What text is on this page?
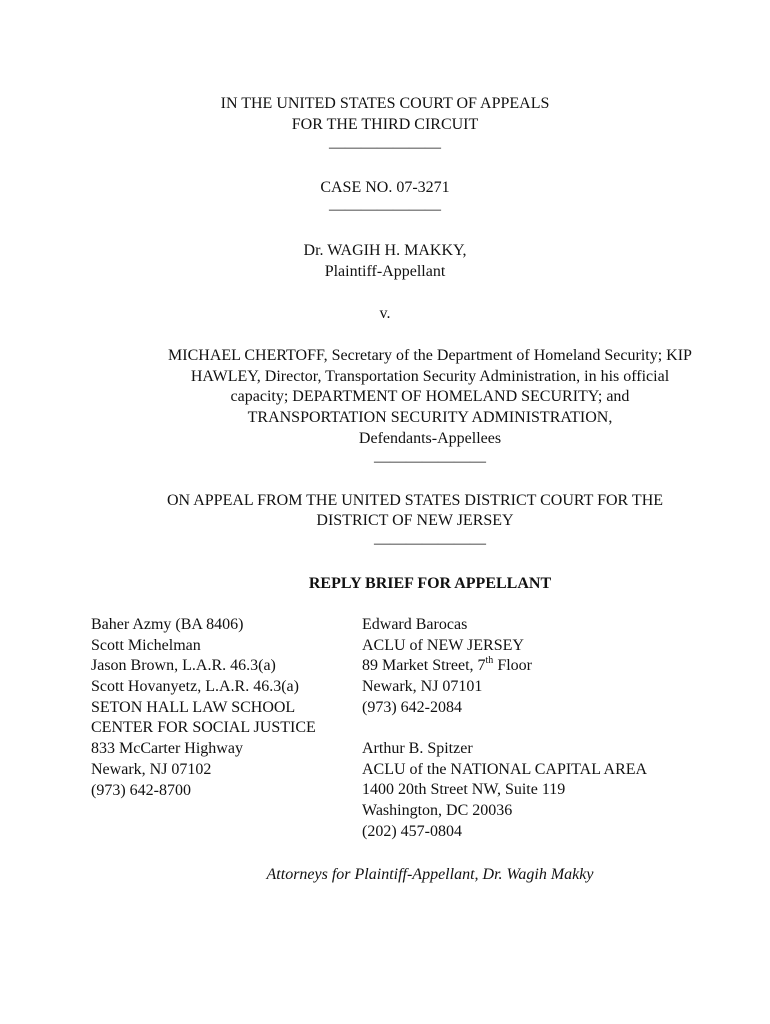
IN THE UNITED STATES COURT OF APPEALS
FOR THE THIRD CIRCUIT
———————
CASE NO. 07-3271
———————
Dr. WAGIH H. MAKKY,
Plaintiff-Appellant
v.
MICHAEL CHERTOFF, Secretary of the Department of Homeland Security; KIP
HAWLEY, Director, Transportation Security Administration, in his official
capacity; DEPARTMENT OF HOMELAND SECURITY; and
TRANSPORTATION SECURITY ADMINISTRATION,
Defendants-Appellees
———————
ON APPEAL FROM THE UNITED STATES DISTRICT COURT FOR THE
DISTRICT OF NEW JERSEY
———————
REPLY BRIEF FOR APPELLANT
Baher Azmy (BA 8406)
Scott Michelman
Jason Brown, L.A.R. 46.3(a)
Scott Hovanyetz, L.A.R. 46.3(a)
SETON HALL LAW SCHOOL
CENTER FOR SOCIAL JUSTICE
833 McCarter Highway
Newark, NJ 07102
(973) 642-8700
Edward Barocas
ACLU of NEW JERSEY
89 Market Street, 7th Floor
Newark, NJ 07101
(973) 642-2084
Arthur B. Spitzer
ACLU of the NATIONAL CAPITAL AREA
1400 20th Street NW, Suite 119
Washington, DC 20036
(202) 457-0804
Attorneys for Plaintiff-Appellant, Dr. Wagih Makky
